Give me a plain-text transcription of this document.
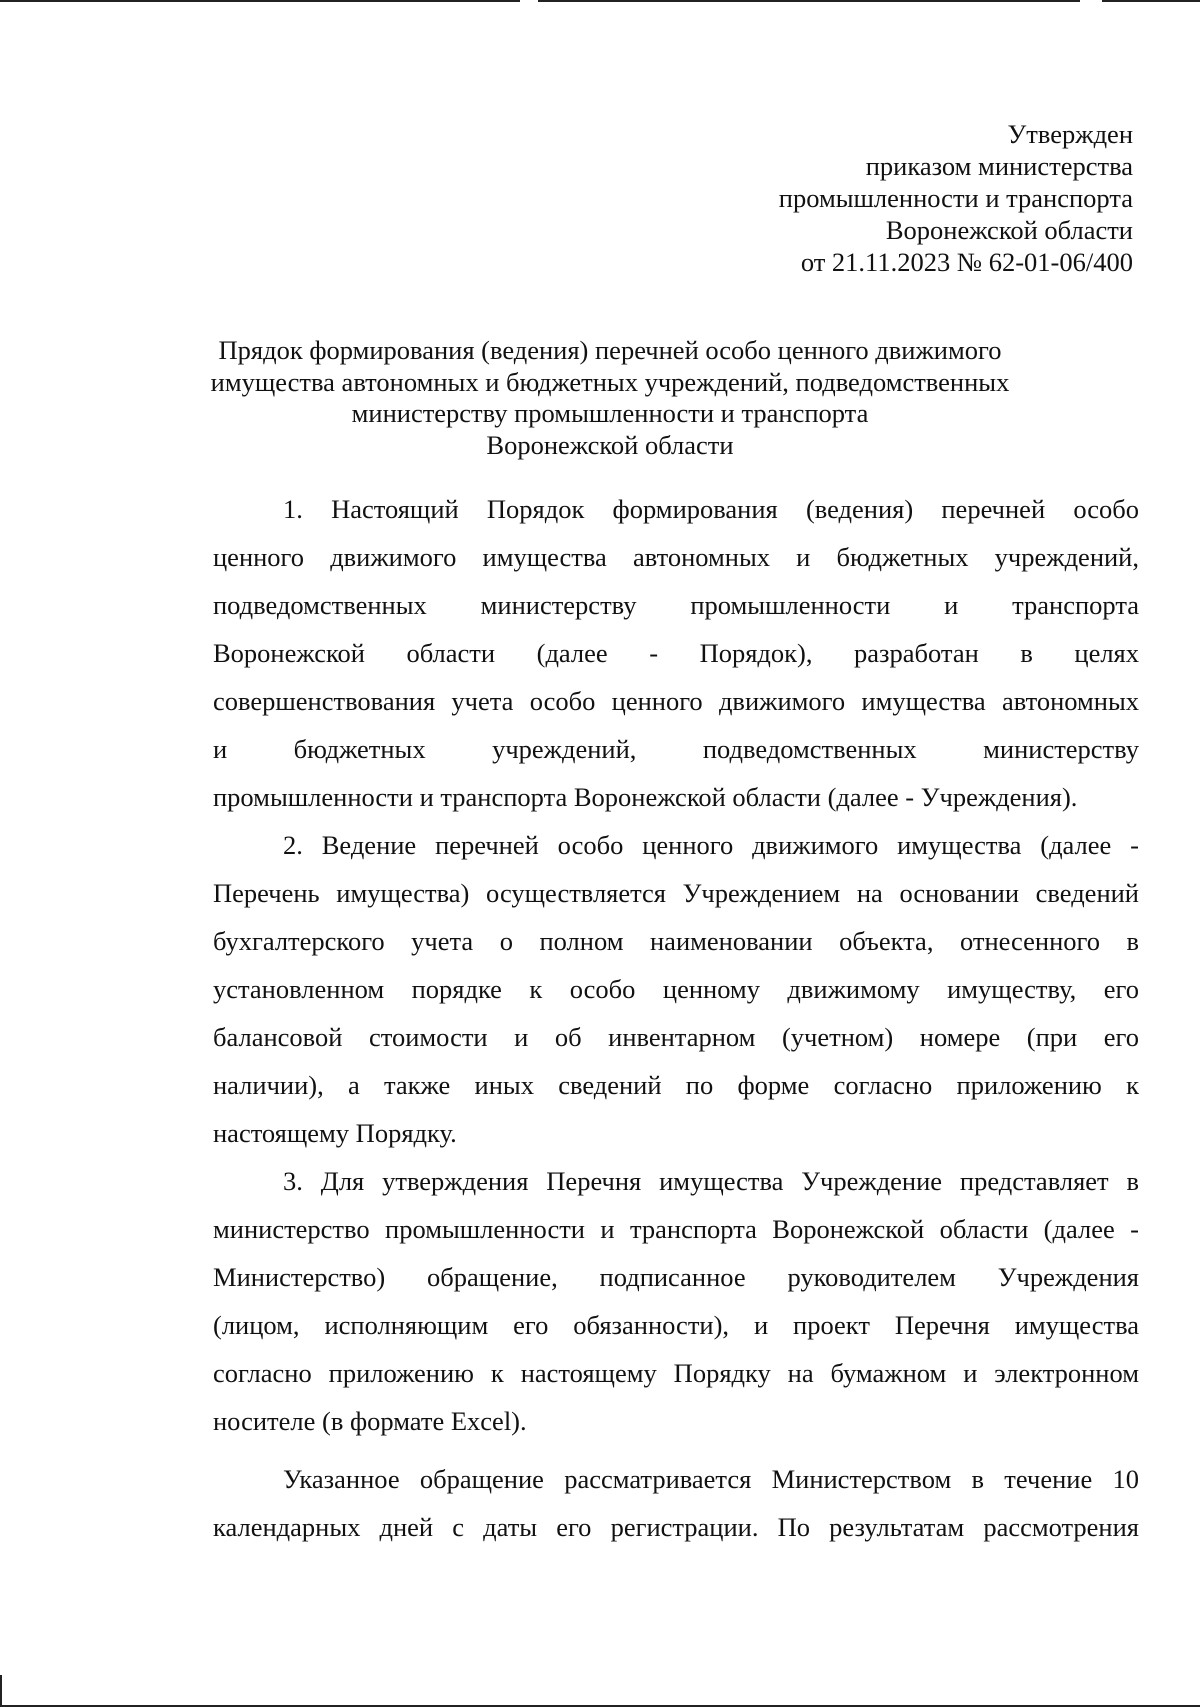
Утвержден
приказом министерства
промышленности и транспорта
Воронежской области
от 21.11.2023 № 62-01-06/400
Прядок формирования (ведения) перечней особо ценного движимого
имущества автономных и бюджетных учреждений, подведомственных
министерству промышленности и транспорта
Воронежской области
1. Настоящий Порядок формирования (ведения) перечней особо
ценного движимого имущества автономных и бюджетных учреждений,
подведомственных министерству промышленности и транспорта
Воронежской области (далее - Порядок), разработан в целях
совершенствования учета особо ценного движимого имущества автономных
и бюджетных учреждений, подведомственных министерству
промышленности и транспорта Воронежской области (далее - Учреждения).
2. Ведение перечней особо ценного движимого имущества (далее -
Перечень имущества) осуществляется Учреждением на основании сведений
бухгалтерского учета о полном наименовании объекта, отнесенного в
установленном порядке к особо ценному движимому имуществу, его
балансовой стоимости и об инвентарном (учетном) номере (при его
наличии), а также иных сведений по форме согласно приложению к
настоящему Порядку.
3. Для утверждения Перечня имущества Учреждение представляет в
министерство промышленности и транспорта Воронежской области (далее -
Министерство) обращение, подписанное руководителем Учреждения
(лицом, исполняющим его обязанности), и проект Перечня имущества
согласно приложению к настоящему Порядку на бумажном и электронном
носителе (в формате Excel).
Указанное обращение рассматривается Министерством в течение 10
календарных дней с даты его регистрации. По результатам рассмотрения
